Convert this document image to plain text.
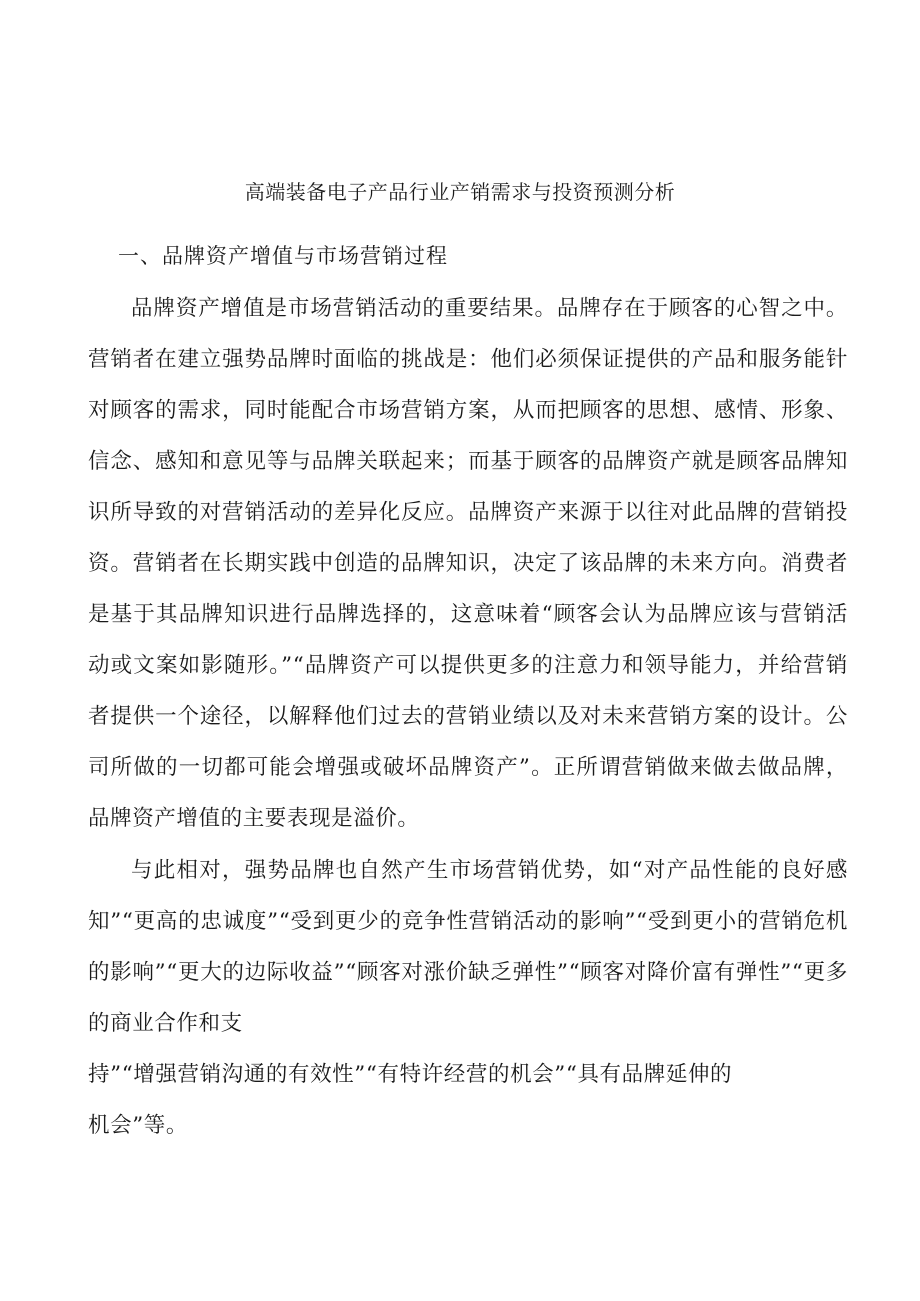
高端装备电子产品行业产销需求与投资预测分析
一、品牌资产增值与市场营销过程

品牌资产增值是市场营销活动的重要结果。品牌存在于顾客的心智之中。营销者在建立强势品牌时面临的挑战是：他们必须保证提供的产品和服务能针对顾客的需求，同时能配合市场营销方案，从而把顾客的思想、感情、形象、信念、感知和意见等与品牌关联起来；而基于顾客的品牌资产就是顾客品牌知识所导致的对营销活动的差异化反应。品牌资产来源于以往对此品牌的营销投资。营销者在长期实践中创造的品牌知识，决定了该品牌的未来方向。消费者是基于其品牌知识进行品牌选择的，这意味着“顾客会认为品牌应该与营销活动或文案如影随形。”“品牌资产可以提供更多的注意力和领导能力，并给营销者提供一个途径，以解释他们过去的营销业绩以及对未来营销方案的设计。公司所做的一切都可能会增强或破坏品牌资产”。正所谓营销做来做去做品牌，品牌资产增值的主要表现是溢价。

与此相对，强势品牌也自然产生市场营销优势，如“对产品性能的良好感知”“更高的忠诚度”“受到更少的竞争性营销活动的影响”“受到更小的营销危机的影响”“更大的边际收益”“顾客对涨价缺乏弹性”“顾客对降价富有弹性”“更多的商业合作和支

持”“增强营销沟通的有效性”“有特许经营的机会”“具有品牌延伸的

机会”等。
